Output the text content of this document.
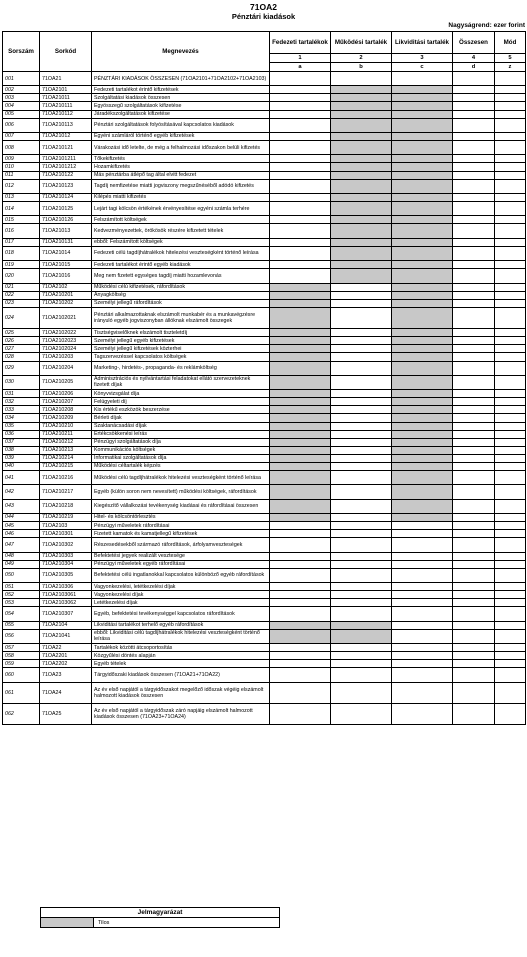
71OA2
Pénztári kiadások
Nagyságrend: ezer forint
Sorszám	Sorkód	Megnevezés	Fedezeti tartalékok	Működési tartalék	Likviditási tartalék	Összesen	Mód
			1	2	3	4	5
			a	b	c	d	z
001	71OA21	PÉNZTÁRI KIADÁSOK ÖSSZESEN (71OA2101+71OA2102+71OA2103)					
002	71OA2101	Fedezeti tartalékot érintő kifizetések					
003	71OA21011	Szolgáltatási kiadások összesen					
004	71OA210111	Egyösszegű szolgáltatások kifizetése					
005	71OA210112	Járadékszolgáltatások kifizetése					
006	71OA210113	Pénztári szolgáltatások folyósításával kapcsolatos kiadások					
007	71OA21012	Egyéni számláról történő egyéb kifizetések					
008	71OA210121	Várakozási idő letelte, de még a felhalmozási időszakon belüli kifizetés					
009	71OA2101211	Tőkekifizetés					
010	71OA2101212	Hozamkifizetés					
011	71OA210122	Más pénztárba átlépő tag által elvitt fedezet					
012	71OA210123	Tagdíj nemfizetése miatti jogviszony megszűnéséből adódó kifizetés					
013	71OA210124	Kilépés miatti kifizetés					
014	71OA210125	Lejárt tagi kölcsön értékének érvényesítése egyéni számla terhére					
015	71OA210126	Felszámított költségek					
016	71OA21013	Kedvezményezettek, örökösök részére kifizetett tételek					
017	71OA210131	ebből: Felszámított költségek					
018	71OA21014	Fedezeti célú tagdíjhátralékok hitelezési veszteségként történő leírása					
019	71OA21015	Fedezeti tartalékot érintő egyéb kiadások					
020	71OA21016	Meg nem fizetett egységes tagdíj miatti hozamlevonás					
021	71OA2102	Működési célú kifizetések, ráfordítások					
022	71OA210201	Anyagköltség					
023	71OA210202	Személyi jellegű ráfordítások					
024	71OA2102021	Pénztári alkalmazottaknak elszámolt munkabér és a munkavégzésre irányuló egyéb jogviszonyban állóknak elszámolt összegek					
025	71OA2102022	Tisztségviselőknek elszámolt tiszteletdíj					
026	71OA2102023	Személyi jellegű egyéb kifizetések					
027	71OA2102024	Személyi jellegű kifizetések közterhei					
028	71OA210203	Tagszervezéssel kapcsolatos költségek					
029	71OA210204	Marketing-, hirdetés-, propaganda- és reklámköltség					
030	71OA210205	Adminisztrációs és nyilvántartási feladatokat ellátó szervezeteknek fizetett díjak					
031	71OA210206	Könyvvizsgálat díja					
032	71OA210207	Felügyeleti díj					
033	71OA210208	Kis értékű eszközök beszerzése					
034	71OA210209	Bérleti díjak					
035	71OA210210	Szaktanácsadási díjak					
036	71OA210211	Értékcsökkenési leírás					
037	71OA210212	Pénzügyi szolgáltatások díja					
038	71OA210213	Kommunikációs költségek					
039	71OA210214	Informatikai szolgáltatások díja					
040	71OA210215	Működési céltartalék képzés					
041	71OA210216	Működési célú tagdíjhátralékok hitelezési veszteségként történő leírása					
042	71OA210217	Egyéb (külön soron nem nevesített) működési költségek, ráfordítások					
043	71OA210218	Kiegészítő vállalkozási tevékenység kiadásai és ráfordításai összesen					
044	71OA210219	Hitel- és kölcsöntörlesztés					
045	71OA2103	Pénzügyi műveletek ráfordításai					
046	71OA210301	Fizetett kamatok és kamatjellegű kifizetések					
047	71OA210302	Részesedésekből származó ráfordítások, árfolyamveszteségek					
048	71OA210303	Befektetési jegyek realizált vesztesége					
049	71OA210304	Pénzügyi műveletek egyéb ráfordításai					
050	71OA210305	Befektetési célú ingatlanokkal kapcsolatos különböző egyéb ráfordítások					
051	71OA210306	Vagyonkezelési, letétkezelési díjak					
052	71OA2103061	Vagyonkezelési díjak					
053	71OA2103062	Letétkezelési díjak					
054	71OA210307	Egyéb, befektetési tevékenységgel kapcsolatos ráfordítások					
055	71OA2104	Likviditási tartalékot terhelő egyéb ráfordítások					
056	71OA21041	ebből: Likviditási célú tagdíjhátralékok hitelezési veszteségként történő leírása					
057	71OA22	Tartalékok közötti átcsoportosítás					
058	71OA2201	Közgyűlési döntés alapján					
059	71OA2202	Egyéb tételek					
060	71OA23	Tárgyidőszaki kiadások összesen (71OA21+71OA22)					
061	71OA24	Az év első napjától a tárgyidőszakot megelőző időszak végéig elszámolt halmozott kiadások összesen					
062	71OA25	Az év első napjától a tárgyidőszak záró napjáig elszámolt halmozott kiadások összesen (71OA23+71OA24)					
Jelmagyarázat
Tilos
